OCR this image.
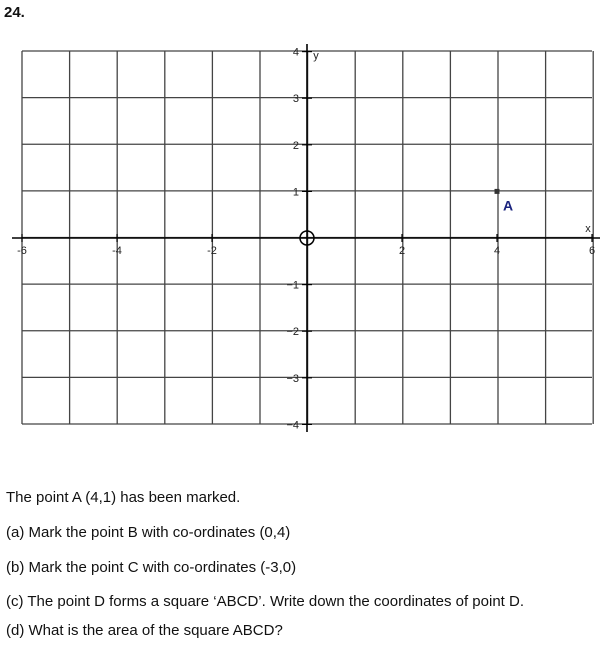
24.
-6	-4	-2	2	4	6
4
3
2
1
−1
−2
−3
−4
x
y
A
The point A (4,1) has been marked.
(a) Mark the point B with co-ordinates (0,4)
(b) Mark the point C with co-ordinates (-3,0)
(c) The point D forms a square ‘ABCD’. Write down the coordinates of point D.
(d) What is the area of the square ABCD?
